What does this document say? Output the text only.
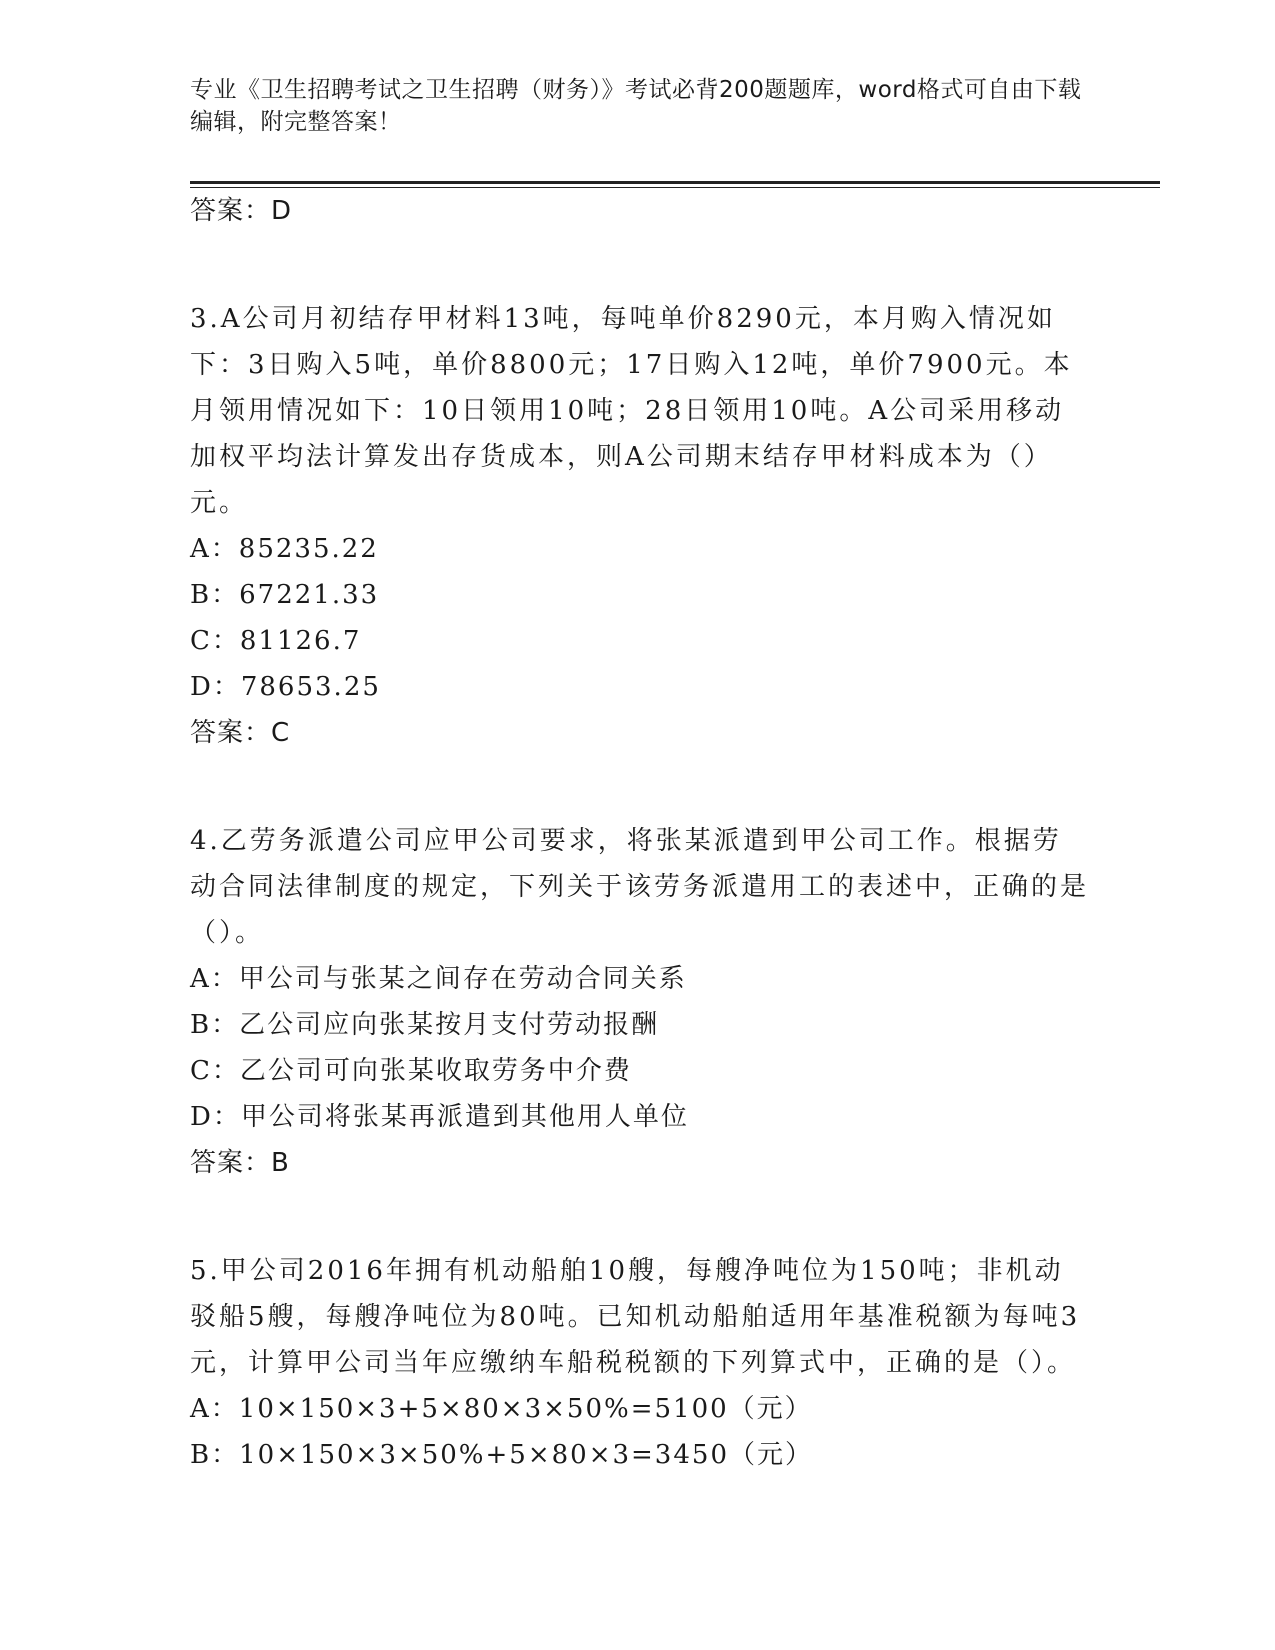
专业《卫生招聘考试之卫生招聘（财务）》考试必背200题题库，word格式可自由下载编辑，附完整答案！
答案：D
3.A公司月初结存甲材料13吨，每吨单价8290元，本月购入情况如下：3日购入5吨，单价8800元；17日购入12吨，单价7900元。本月领用情况如下：10日领用10吨；28日领用10吨。A公司采用移动加权平均法计算发出存货成本，则A公司期末结存甲材料成本为（）元。
A：85235.22
B：67221.33
C：81126.7
D：78653.25
答案：C
4.乙劳务派遣公司应甲公司要求，将张某派遣到甲公司工作。根据劳动合同法律制度的规定，下列关于该劳务派遣用工的表述中，正确的是（）。
A：甲公司与张某之间存在劳动合同关系
B：乙公司应向张某按月支付劳动报酬
C：乙公司可向张某收取劳务中介费
D：甲公司将张某再派遣到其他用人单位
答案：B
5.甲公司2016年拥有机动船舶10艘，每艘净吨位为150吨；非机动驳船5艘，每艘净吨位为80吨。已知机动船舶适用年基准税额为每吨3元，计算甲公司当年应缴纳车船税税额的下列算式中，正确的是（）。
A：10×150×3+5×80×3×50%=5100（元）
B：10×150×3×50%+5×80×3=3450（元）
